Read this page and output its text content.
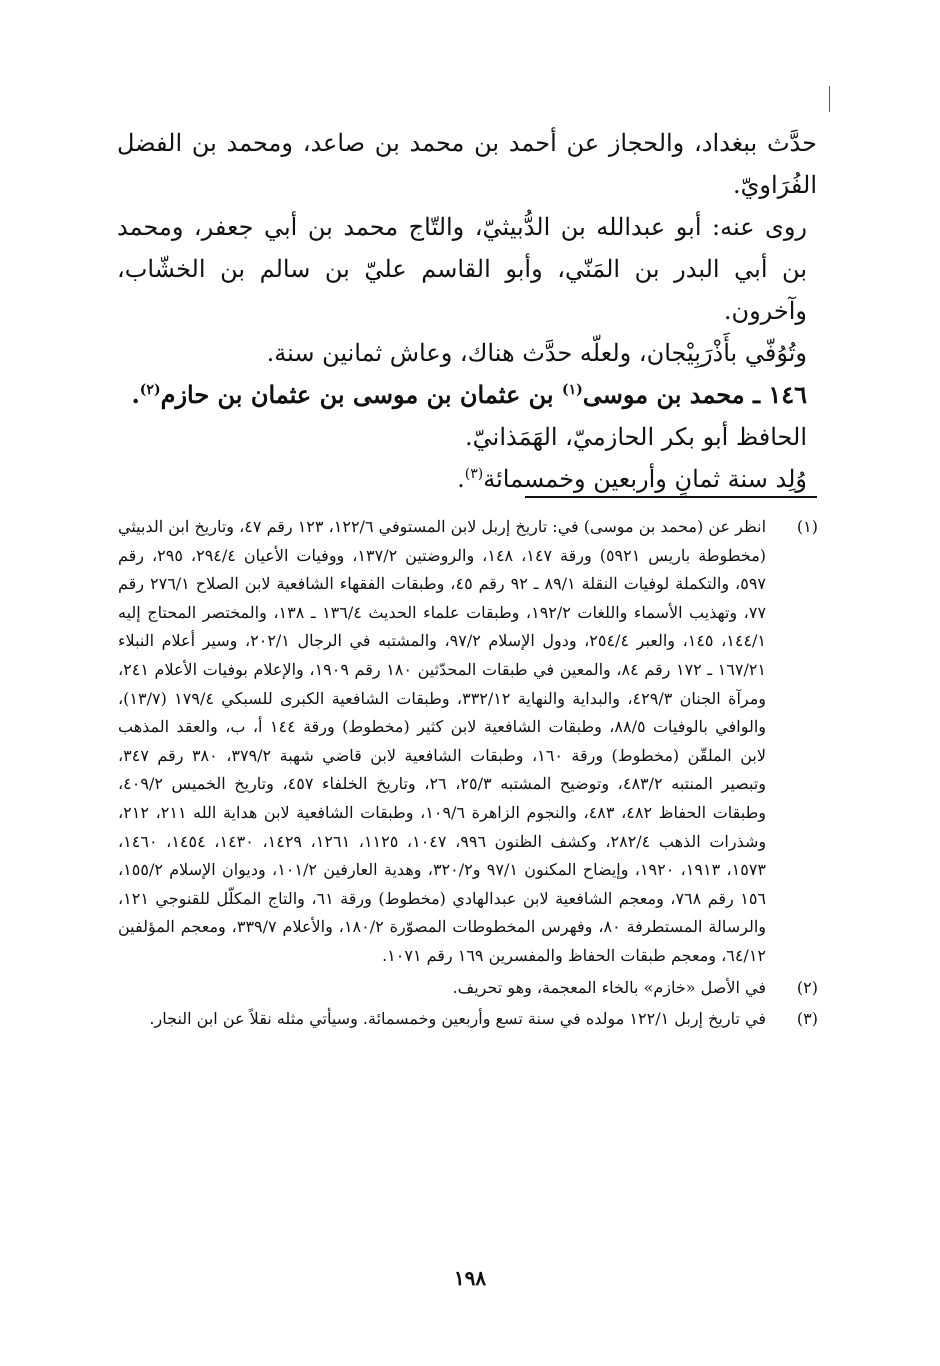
حدَّث ببغداد، والحجاز عن أحمد بن محمد بن صاعد، ومحمد بن الفضل الفُرَاويّ.

روى عنه: أبو عبدالله بن الدُّبيثيّ، والتّاج محمد بن أبي جعفر، ومحمد بن أبي البدر بن المَنّي، وأبو القاسم عليّ بن سالم بن الخشّاب، وآخرون.

وتُوُفّي بأَذْرَبِيْجان، ولعلّه حدَّث هناك، وعاش ثمانين سنة.

١٤٦ ـ محمد بن موسى$^{(١)}$ بن عثمان بن موسى بن عثمان بن حازم$^{(٢)}$.

الحافظ أبو بكر الحازميّ، الهَمَذانيّ.

وُلِد سنة ثمانٍ وأربعين وخمسمائة$^{(٣)}$.

(١)
انظر عن (محمد بن موسى) في: تاريخ إربل لابن المستوفي ١٢٢/٦، ١٢٣ رقم ٤٧، وتاريخ ابن الدبيثي (مخطوطة باريس ٥٩٢١) ورقة ١٤٧، ١٤٨، والروضتين ١٣٧/٢، ووفيات الأعيان ٢٩٤/٤، ٢٩٥، رقم ٥٩٧، والتكملة لوفيات النقلة ٨٩/١ ـ ٩٢ رقم ٤٥، وطبقات الفقهاء الشافعية لابن الصلاح ٢٧٦/١ رقم ٧٧، وتهذيب الأسماء واللغات ١٩٢/٢، وطبقات علماء الحديث ١٣٦/٤ ـ ١٣٨، والمختصر المحتاج إليه ١٤٤/١، ١٤٥، والعبر ٢٥٤/٤، ودول الإسلام ٩٧/٢، والمشتبه في الرجال ٢٠٢/١، وسير أعلام النبلاء ١٦٧/٢١ ـ ١٧٢ رقم ٨٤، والمعين في طبقات المحدّثين ١٨٠ رقم ١٩٠٩، والإعلام بوفيات الأعلام ٢٤١، ومرآة الجنان ٤٢٩/٣، والبداية والنهاية ٣٣٢/١٢، وطبقات الشافعية الكبرى للسبكي ١٧٩/٤ (١٣/٧)، والوافي بالوفيات ٨٨/٥، وطبقات الشافعية لابن كثير (مخطوط) ورقة ١٤٤ أ، ب، والعقد المذهب لابن الملقّن (مخطوط) ورقة ١٦٠، وطبقات الشافعية لابن قاضي شهبة ٣٧٩/٢، ٣٨٠ رقم ٣٤٧، وتبصير المنتبه ٤٨٣/٢، وتوضيح المشتبه ٢٥/٣، ٢٦، وتاريخ الخلفاء ٤٥٧، وتاريخ الخميس ٤٠٩/٢، وطبقات الحفاظ ٤٨٢، ٤٨٣، والنجوم الزاهرة ١٠٩/٦، وطبقات الشافعية لابن هداية الله ٢١١، ٢١٢، وشذرات الذهب ٢٨٢/٤، وكشف الظنون ٩٩٦، ١٠٤٧، ١١٢٥، ١٢٦١، ١٤٢٩، ١٤٣٠، ١٤٥٤، ١٤٦٠، ١٥٧٣، ١٩١٣، ١٩٢٠، وإيضاح المكنون ٩٧/١ و٣٢٠/٢، وهدية العارفين ١٠١/٢، وديوان الإسلام ١٥٥/٢، ١٥٦ رقم ٧٦٨، ومعجم الشافعية لابن عبدالهادي (مخطوط) ورقة ٦١، والتاج المكلّل للقنوجي ١٢١، والرسالة المستطرفة ٨٠، وفهرس المخطوطات المصوّرة ١٨٠/٢، والأعلام ٣٣٩/٧، ومعجم المؤلفين ٦٤/١٢، ومعجم طبقات الحفاظ والمفسرين ١٦٩ رقم ١٠٧١.
(٢)
في الأصل «خازم» بالخاء المعجمة، وهو تحريف.
(٣)
في تاريخ إربل ١٢٢/١ مولده في سنة تسع وأربعين وخمسمائة. وسيأتي مثله نقلاً عن ابن النجار.
١٩٨
